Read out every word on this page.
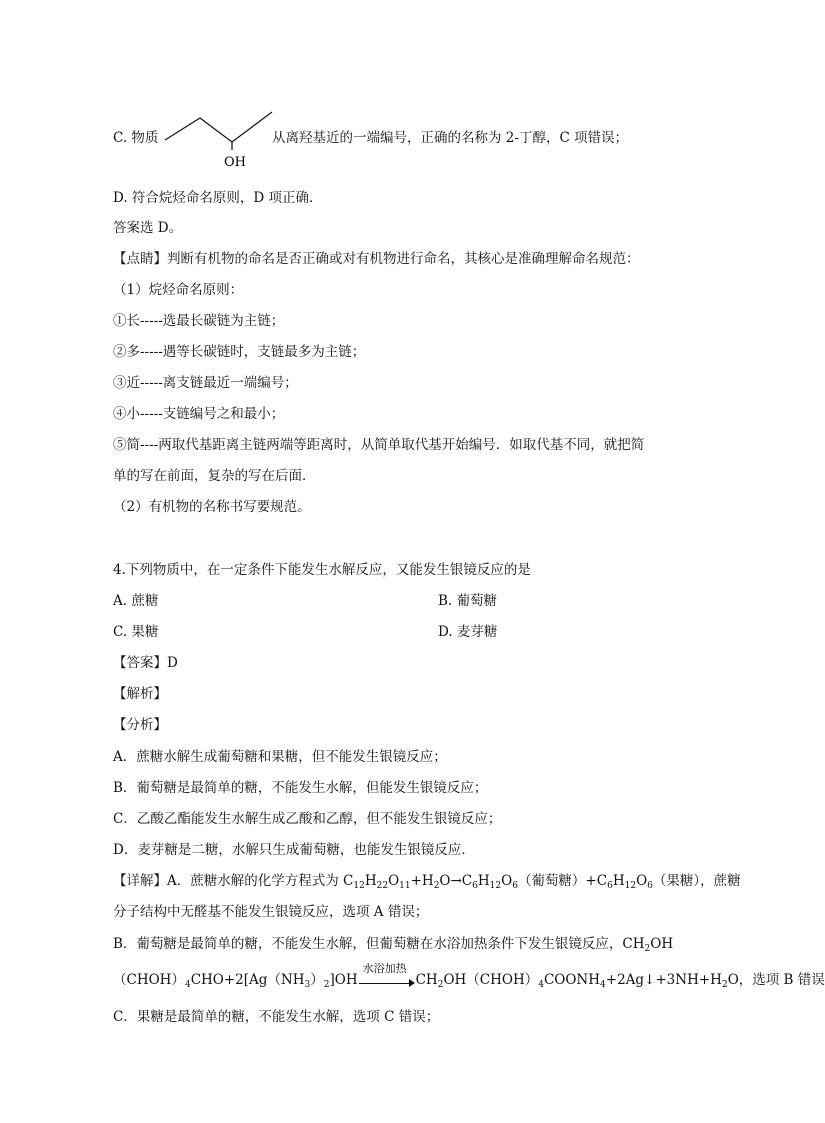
C. 物质
OH
从离羟基近的一端编号，正确的名称为 2-丁醇，C 项错误；
D. 符合烷烃命名原则，D 项正确．
答案选 D。
【点睛】判断有机物的命名是否正确或对有机物进行命名，其核心是准确理解命名规范：
（1）烷烃命名原则：
①长-----选最长碳链为主链；
②多-----遇等长碳链时，支链最多为主链；
③近-----离支链最近一端编号；
④小-----支链编号之和最小；
⑤简----两取代基距离主链两端等距离时，从简单取代基开始编号．如取代基不同，就把简
单的写在前面，复杂的写在后面．
（2）有机物的名称书写要规范。
4.下列物质中，在一定条件下能发生水解反应，又能发生银镜反应的是
A. 蔗糖	B. 葡萄糖
C. 果糖	D. 麦芽糖
【答案】D
【解析】
【分析】
A．蔗糖水解生成葡萄糖和果糖，但不能发生银镜反应；
B．葡萄糖是最简单的糖，不能发生水解，但能发生银镜反应；
C．乙酸乙酯能发生水解生成乙酸和乙醇，但不能发生银镜反应；
D．麦芽糖是二糖，水解只生成葡萄糖，也能发生银镜反应．
【详解】A．蔗糖水解的化学方程式为 $C_{12}H_{22}O_{11}+H_2O\to C_6H_{12}O_6$（葡萄糖）$+C_6H_{12}O_6$（果糖），蔗糖
分子结构中无醛基不能发生银镜反应，选项 A 错误；
B．葡萄糖是最简单的糖，不能发生水解，但葡萄糖在水浴加热条件下发生银镜反应，$CH_2OH$
$(CHOH)_4CHO+2[Ag(NH_3)_2]OH$
水浴加热
$CH_2OH(CHOH)_4COONH_4+2Ag↓+3NH+H_2O$，选项 B 错误
C．果糖是最简单的糖，不能发生水解，选项 C 错误；
